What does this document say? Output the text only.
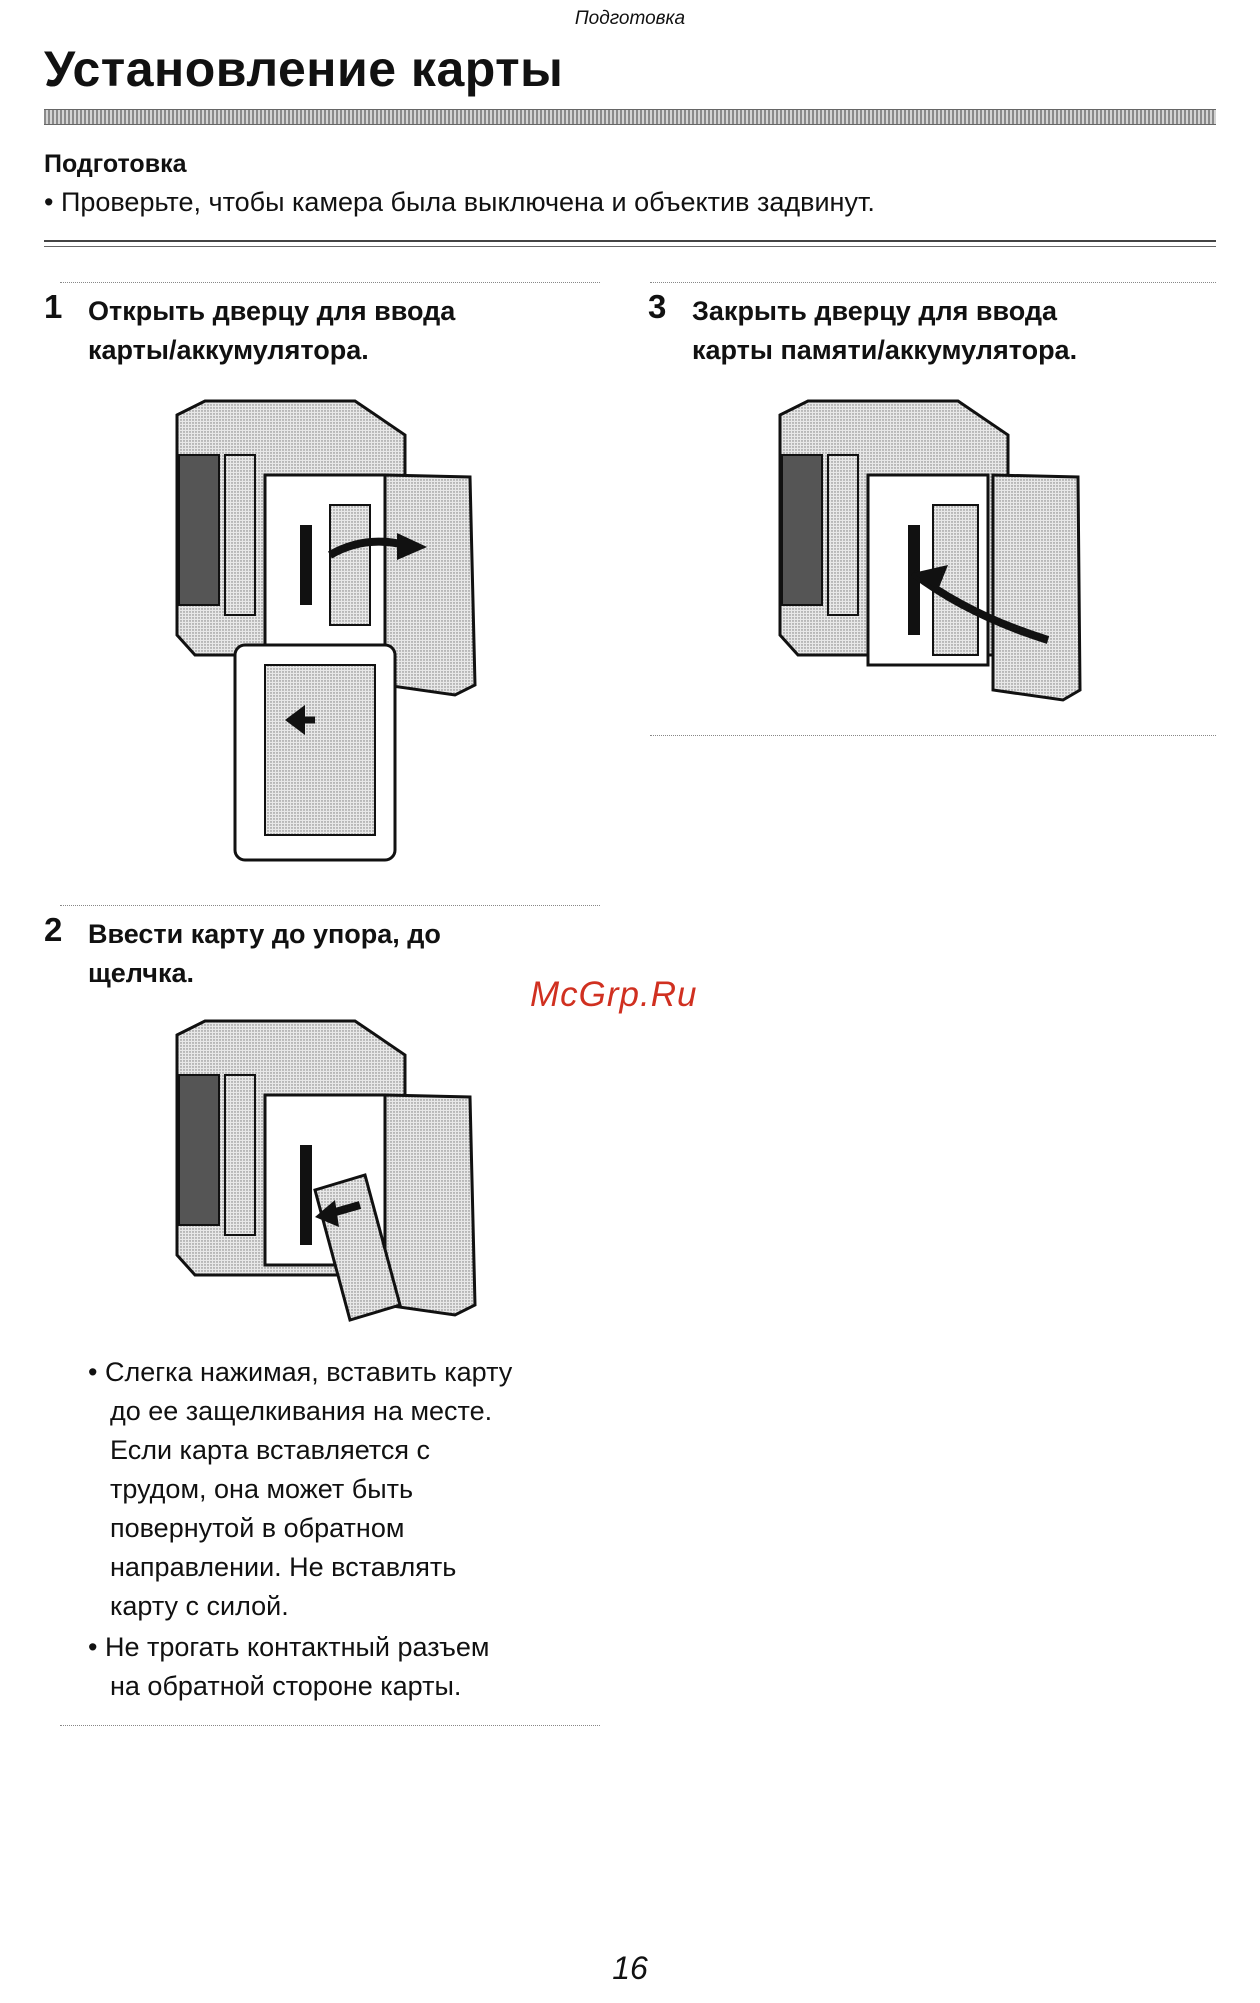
Подготовка
Установление карты
Подготовка
• Проверьте, чтобы камера была выключена и объектив задвинут.
1 Открыть дверцу для ввода
карты/аккумулятора.
2 Ввести карту до упора, до
щелчка.
• Слегка нажимая, вставить карту
до ее защелкивания на месте.
Если карта вставляется с
трудом, она может быть
повернутой в обратном
направлении. Не вставлять
карту с силой.
• Не трогать контактный разъем
на обратной стороне карты.
3 Закрыть дверцу для ввода
карты памяти/аккумулятора.
McGrp.Ru
16
